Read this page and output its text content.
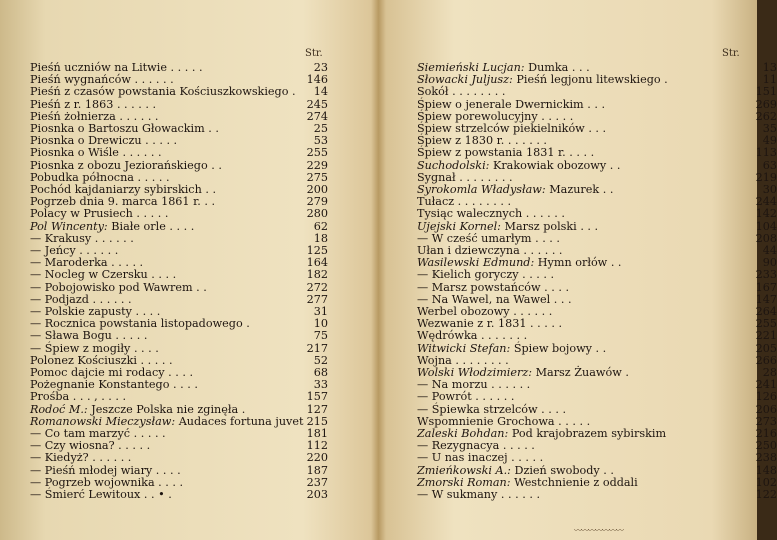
Str.
Pieśń uczniów na Litwie . . . . .	23
Pieśń wygnańców . . . . . .	146
Pieśń z czasów powstania Kościuszkowskiego .	14
Pieśń z r. 1863 . . . . . .	245
Pieśń żołnierza . . . . . .	274
Piosnka o Bartoszu Głowackim . .	25
Piosnka o Drewiczu . . . . .	53
Piosnka o Wiśle . . . . . .	255
Piosnka z obozu Jeziorańskiego . .	229
Pobudka północna . . . . .	275
Pochód kajdaniarzy sybirskich . .	200
Pogrzeb dnia 9. marca 1861 r. . .	279
Polacy w Prusiech . . . . .	280
Pol Wincenty: Białe orle . . . .	62
— Krakusy . . . . . .	18
— Jeńcy . . . . . .	125
— Maroderka . . . . .	164
— Nocleg w Czersku . . . .	182
— Pobojowisko pod Wawrem . .	272
— Podjazd . . . . . .	277
— Polskie zapusty . . . .	31
— Rocznica powstania listopadowego .	10
— Sława Bogu . . . . .	75
— Śpiew z mogiły . . . .	217
Polonez Kościuszki . . . . .	52
Pomoc dajcie mi rodacy . . . .	68
Pożegnanie Konstantego . . . .	33
Prośba . . . , . . . .	157
Rodoć M.: Jeszcze Polska nie zginęła .	127
Romanowski Mieczysław: Audaces fortuna juvet 215
— Co tam marzyć . . . . .	181
— Czy wiosna? . . . . .	112
— Kiedyż? . . . . . .	220
— Pieśń młodej wiary . . . .	187
— Pogrzeb wojownika . . . .	237
— Śmierć Lewitoux . . • .	203
Str.
Siemieński Lucjan: Dumka . . .	13
Słowacki Juljusz: Pieśń legjonu litewskiego .	11
Sokół . . . . . . . .	151
Śpiew o jenerale Dwernickim . . .	269
Śpiew porewolucyjny . . . . .	262
Śpiew strzelców piekielników . . .	35
Śpiew z 1830 r. . . . . . .	49
Śpiew z powstania 1831 r. . . . .	113
Suchodolski: Krakowiak obozowy . .	63
Sygnał . . . . . . . .	219
Syrokomla Władysław: Mazurek . .	30
Tułacz . . . . . . . .	244
Tysiąc walecznych . . . . . .	142
Ujejski Kornel: Marsz polski . . .	104
— W cześć umarłym . . . .	208
Ułan i dziewczyna . . . . . .	44
Wasilewski Edmund: Hymn orłów . .	90
— Kielich goryczy . . . . .	233
— Marsz powstańców . . . .	167
— Na Wawel, na Wawel . . .	147
Werbel obozowy . . . . . .	264
Wezwanie z r. 1831 . . . . .	255
Wędrówka . . . . . . .	221
Witwicki Stefan: Śpiew bojowy . .	205
Wojna . . . . . . . .	266
Wolski Włodzimierz: Marsz Żuawów .	28
— Na morzu . . . . . .	241
— Powrót . . . . . .	126
— Śpiewka strzelców . . . .	206
Wspomnienie Grochowa . . . . .	273
Zaleski Bohdan: Pod krajobrazem sybirskim	216
— Rezygnacya . . . . .	250
— U nas inaczej . . . . .	238
Zmieńkowski A.: Dzień swobody . .	148
Zmorski Roman: Westchnienie z oddali	102
— W sukmany . . . . . .	122
〰〰〰〰〰〰〰
